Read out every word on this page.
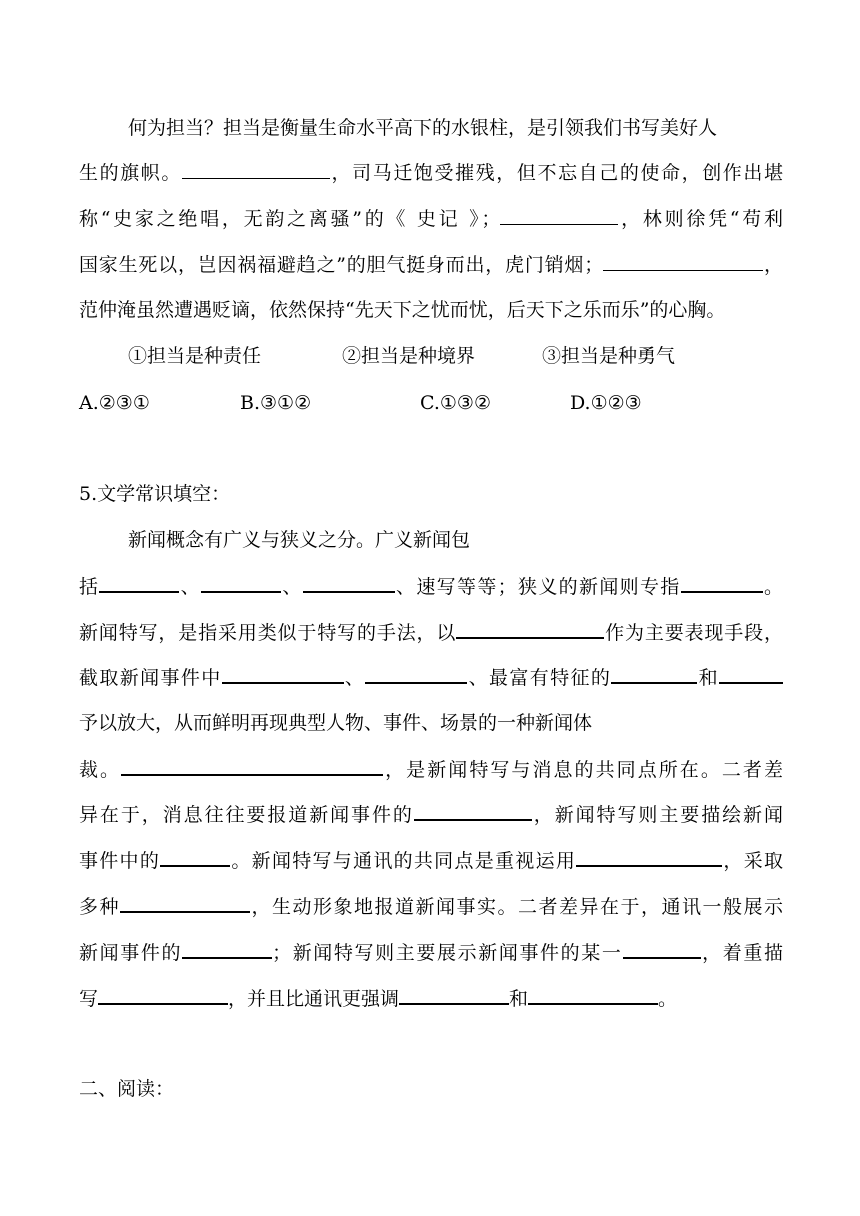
何为担当？担当是衡量生命水平高下的水银柱，是引领我们书写美好人
生的旗帜。	，司马迁饱受摧残，但不忘自己的使命，创作出堪
称“史家之绝唱，无韵之离骚”的《 史记 》；	，林则徐凭“苟利
国家生死以，岂因祸福避趋之”的胆气挺身而出，虎门销烟；	，
范仲淹虽然遭遇贬谪，依然保持“先天下之忧而忧，后天下之乐而乐”的心胸。
①担当是种责任	②担当是种境界	③担当是种勇气
A.②③①	B.③①②	C.①③②	D.①②③
5.文学常识填空：
新闻概念有广义与狭义之分。广义新闻包
括	、	、	、速写等等；狭义的新闻则专指	。
新闻特写，是指采用类似于特写的手法，以	作为主要表现手段，
截取新闻事件中	、	、最富有特征的	和
予以放大，从而鲜明再现典型人物、事件、场景的一种新闻体
裁。	，是新闻特写与消息的共同点所在。二者差
异在于，消息往往要报道新闻事件的	，新闻特写则主要描绘新闻
事件中的	。新闻特写与通讯的共同点是重视运用	，采取
多种	，生动形象地报道新闻事实。二者差异在于，通讯一般展示
新闻事件的	；新闻特写则主要展示新闻事件的某一	，着重描
写	，并且比通讯更强调	和	。
二、阅读：
